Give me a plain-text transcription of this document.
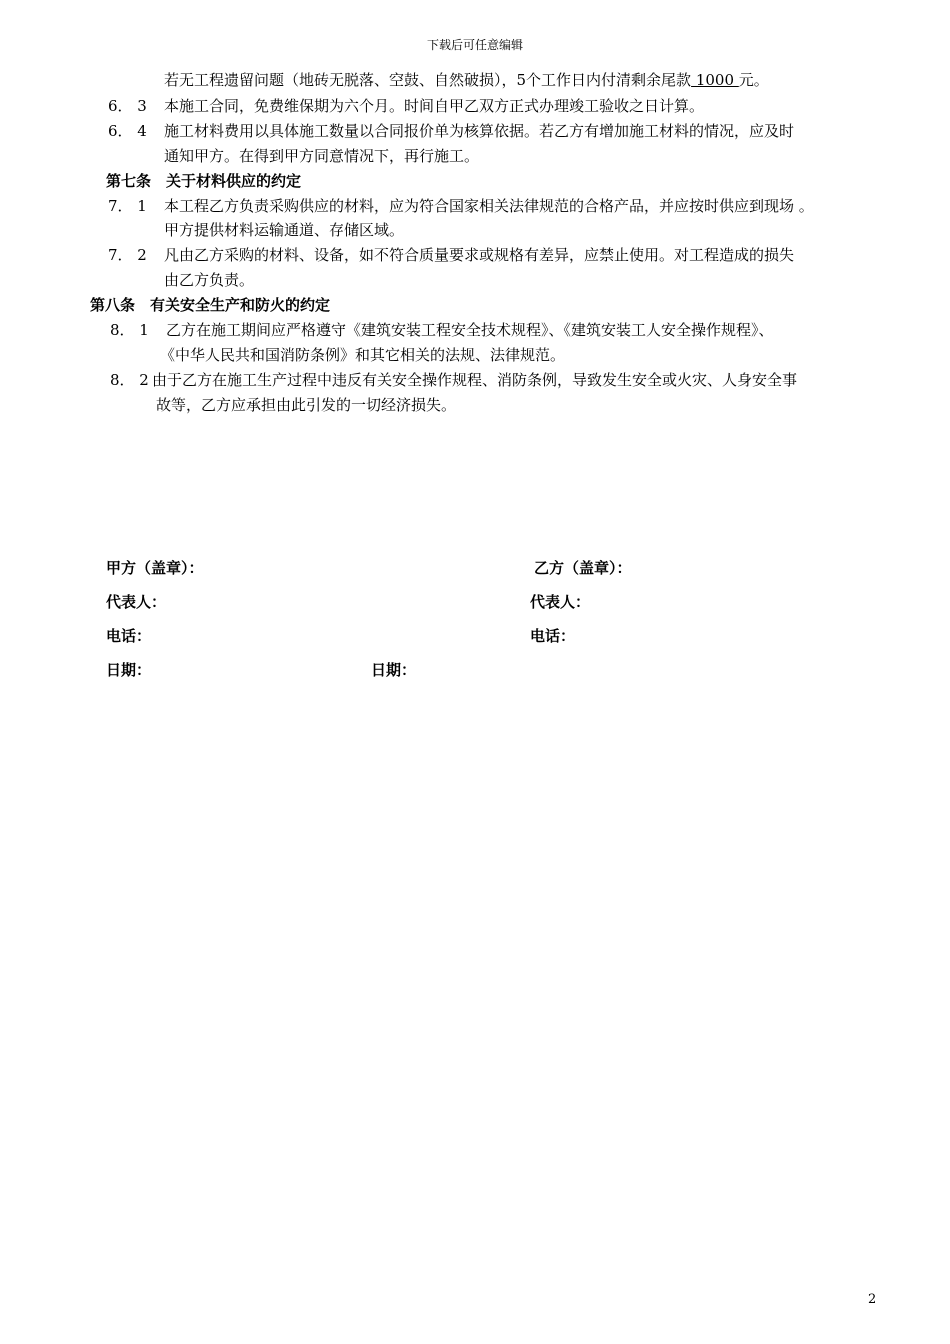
下载后可任意编辑
若无工程遗留问题（地砖无脱落、空鼓、自然破损），5个工作日内付清剩余尾款 1000 元。
6． 3 本施工合同，免费维保期为六个月。时间自甲乙双方正式办理竣工验收之日计算。
6． 4 施工材料费用以具体施工数量以合同报价单为核算依据。若乙方有增加施工材料的情况，应及时
通知甲方。在得到甲方同意情况下，再行施工。
第七条　关于材料供应的约定
7． 1 本工程乙方负责采购供应的材料，应为符合国家相关法律规范的合格产品，并应按时供应到现场 。
甲方提供材料运输通道、存储区域。
7． 2 凡由乙方采购的材料、设备，如不符合质量要求或规格有差异，应禁止使用。对工程造成的损失
由乙方负责。
第八条　有关安全生产和防火的约定
8． 1 乙方在施工期间应严格遵守《建筑安装工程安全技术规程》、《建筑安装工人安全操作规程》、
《中华人民共和国消防条例》和其它相关的法规、法律规范。
8． 2 由于乙方在施工生产过程中违反有关安全操作规程、消防条例，导致发生安全或火灾、人身安全事
故等，乙方应承担由此引发的一切经济损失。
甲方（盖章）：	乙方（盖章）：
代表人：	代表人：
电话：	电话：
日期：	日期：
2
